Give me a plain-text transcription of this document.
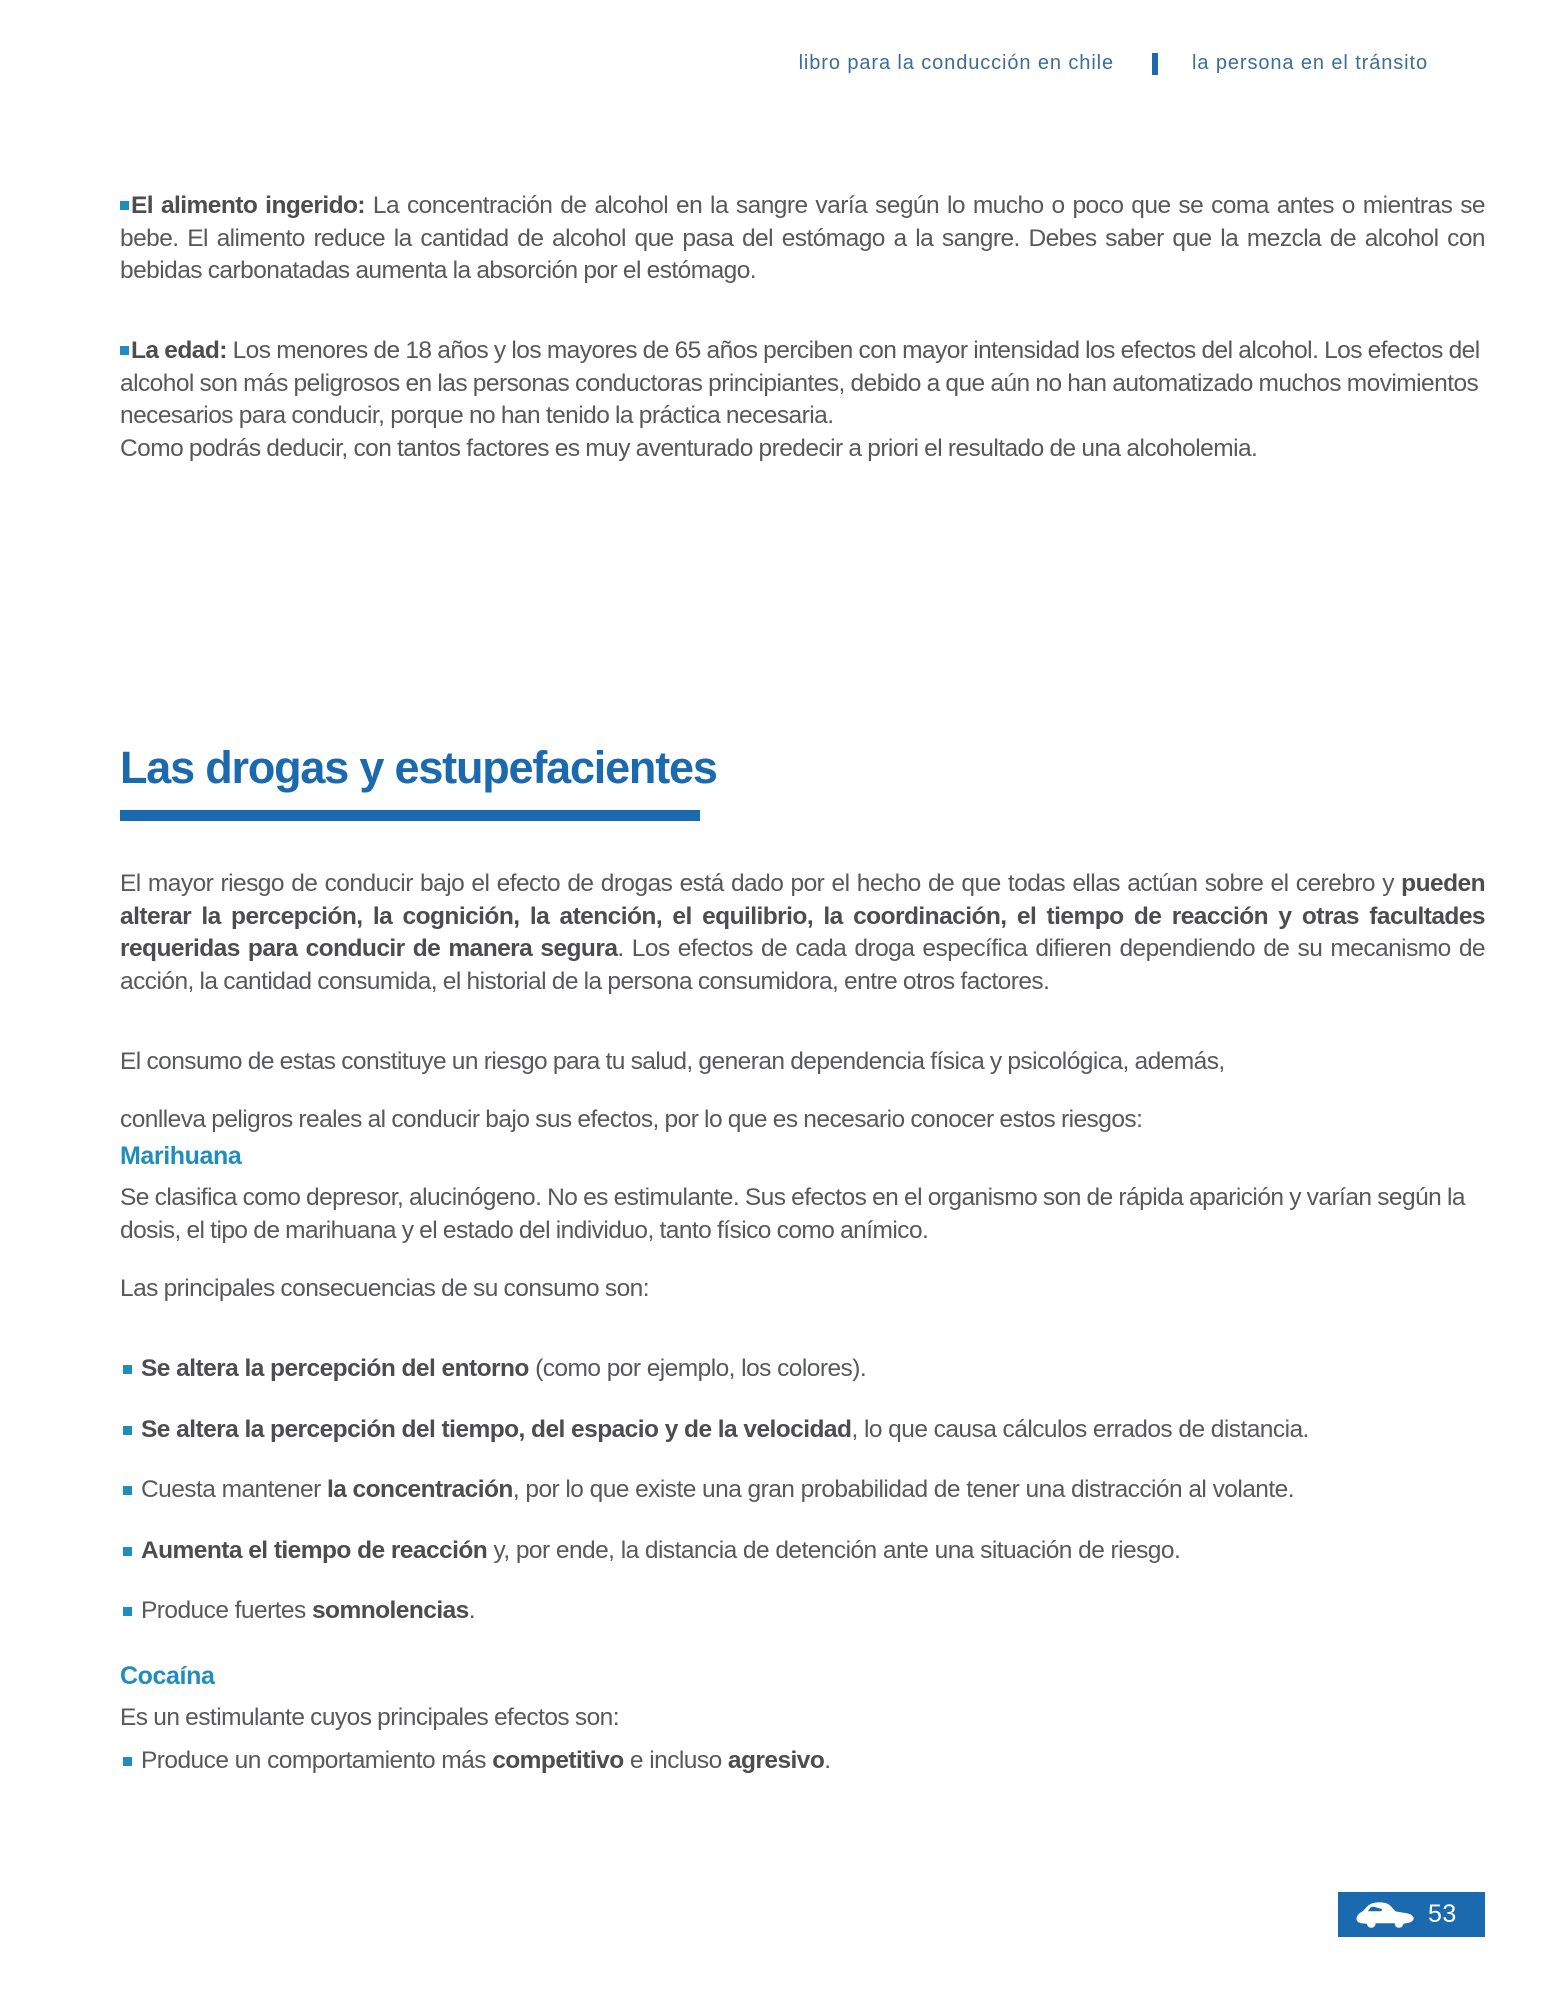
libro para la conducción en chile	la persona en el tránsito

El alimento ingerido: La concentración de alcohol en la sangre varía según lo mucho o poco que se coma antes o mientras se bebe. El alimento reduce la cantidad de alcohol que pasa del estómago a la sangre. Debes saber que la mezcla de alcohol con bebidas carbonatadas aumenta la absorción por el estómago.

La edad: Los menores de 18 años y los mayores de 65 años perciben con mayor intensidad los efectos del alcohol. Los efectos del alcohol son más peligrosos en las personas conductoras principiantes, debido a que aún no han automatizado muchos movimientos necesarios para conducir, porque no han tenido la práctica necesaria.

Como podrás deducir, con tantos factores es muy aventurado predecir a priori el resultado de una alcoholemia.

Las drogas y estupefacientes

El mayor riesgo de conducir bajo el efecto de drogas está dado por el hecho de que todas ellas actúan sobre el cerebro y pueden alterar la percepción, la cognición, la atención, el equilibrio, la coordinación, el tiempo de reacción y otras facultades requeridas para conducir de manera segura. Los efectos de cada droga específica difieren dependiendo de su mecanismo de acción, la cantidad consumida, el historial de la persona consumidora, entre otros factores.

El consumo de estas constituye un riesgo para tu salud, generan dependencia física y psicológica, además,

conlleva peligros reales al conducir bajo sus efectos, por lo que es necesario conocer estos riesgos:

Marihuana

Se clasifica como depresor, alucinógeno. No es estimulante. Sus efectos en el organismo son de rápida aparición y varían según la dosis, el tipo de marihuana y el estado del individuo, tanto físico como anímico.

Las principales consecuencias de su consumo son:

Se altera la percepción del entorno (como por ejemplo, los colores).
Se altera la percepción del tiempo, del espacio y de la velocidad, lo que causa cálculos errados de distancia.
Cuesta mantener la concentración, por lo que existe una gran probabilidad de tener una distracción al volante.
Aumenta el tiempo de reacción y, por ende, la distancia de detención ante una situación de riesgo.
Produce fuertes somnolencias.
Cocaína

Es un estimulante cuyos principales efectos son:

Produce un comportamiento más competitivo e incluso agresivo.
53
